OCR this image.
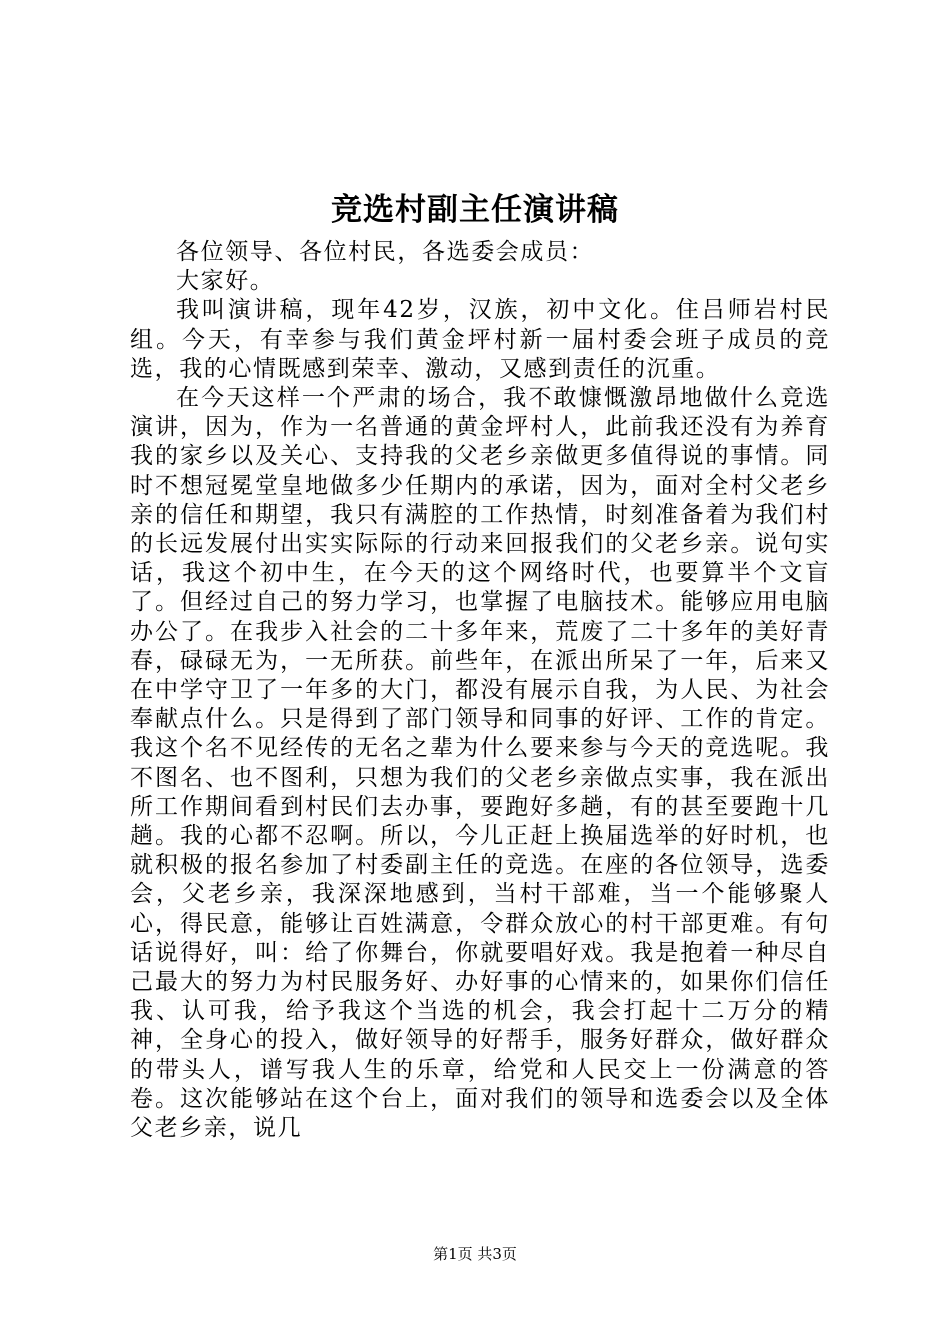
竞选村副主任演讲稿

各位领导、各位村民，各选委会成员：

大家好。

我叫演讲稿，现年42岁，汉族，初中文化。住吕师岩村民组。今天，有幸参与我们黄金坪村新一届村委会班子成员的竞选，我的心情既感到荣幸、激动，又感到责任的沉重。

在今天这样一个严肃的场合，我不敢慷慨激昂地做什么竞选演讲，因为，作为一名普通的黄金坪村人，此前我还没有为养育我的家乡以及关心、支持我的父老乡亲做更多值得说的事情。同时不想冠冕堂皇地做多少任期内的承诺，因为，面对全村父老乡亲的信任和期望，我只有满腔的工作热情，时刻准备着为我们村的长远发展付出实实际际的行动来回报我们的父老乡亲。说句实话，我这个初中生，在今天的这个网络时代，也要算半个文盲了。但经过自己的努力学习，也掌握了电脑技术。能够应用电脑办公了。在我步入社会的二十多年来，荒废了二十多年的美好青春，碌碌无为，一无所获。前些年，在派出所呆了一年，后来又在中学守卫了一年多的大门，都没有展示自我，为人民、为社会奉献点什么。只是得到了部门领导和同事的好评、工作的肯定。我这个名不见经传的无名之辈为什么要来参与今天的竞选呢。我不图名、也不图利，只想为我们的父老乡亲做点实事，我在派出所工作期间看到村民们去办事，要跑好多趟，有的甚至要跑十几趟。我的心都不忍啊。所以，今儿正赶上换届选举的好时机，也就积极的报名参加了村委副主任的竞选。在座的各位领导，选委会，父老乡亲，我深深地感到，当村干部难，当一个能够聚人心，得民意，能够让百姓满意，令群众放心的村干部更难。有句话说得好，叫：给了你舞台，你就要唱好戏。我是抱着一种尽自己最大的努力为村民服务好、办好事的心情来的，如果你们信任我、认可我，给予我这个当选的机会，我会打起十二万分的精神，全身心的投入，做好领导的好帮手，服务好群众，做好群众的带头人，谱写我人生的乐章，给党和人民交上一份满意的答卷。这次能够站在这个台上，面对我们的领导和选委会以及全体父老乡亲，说几

第1页 共3页
